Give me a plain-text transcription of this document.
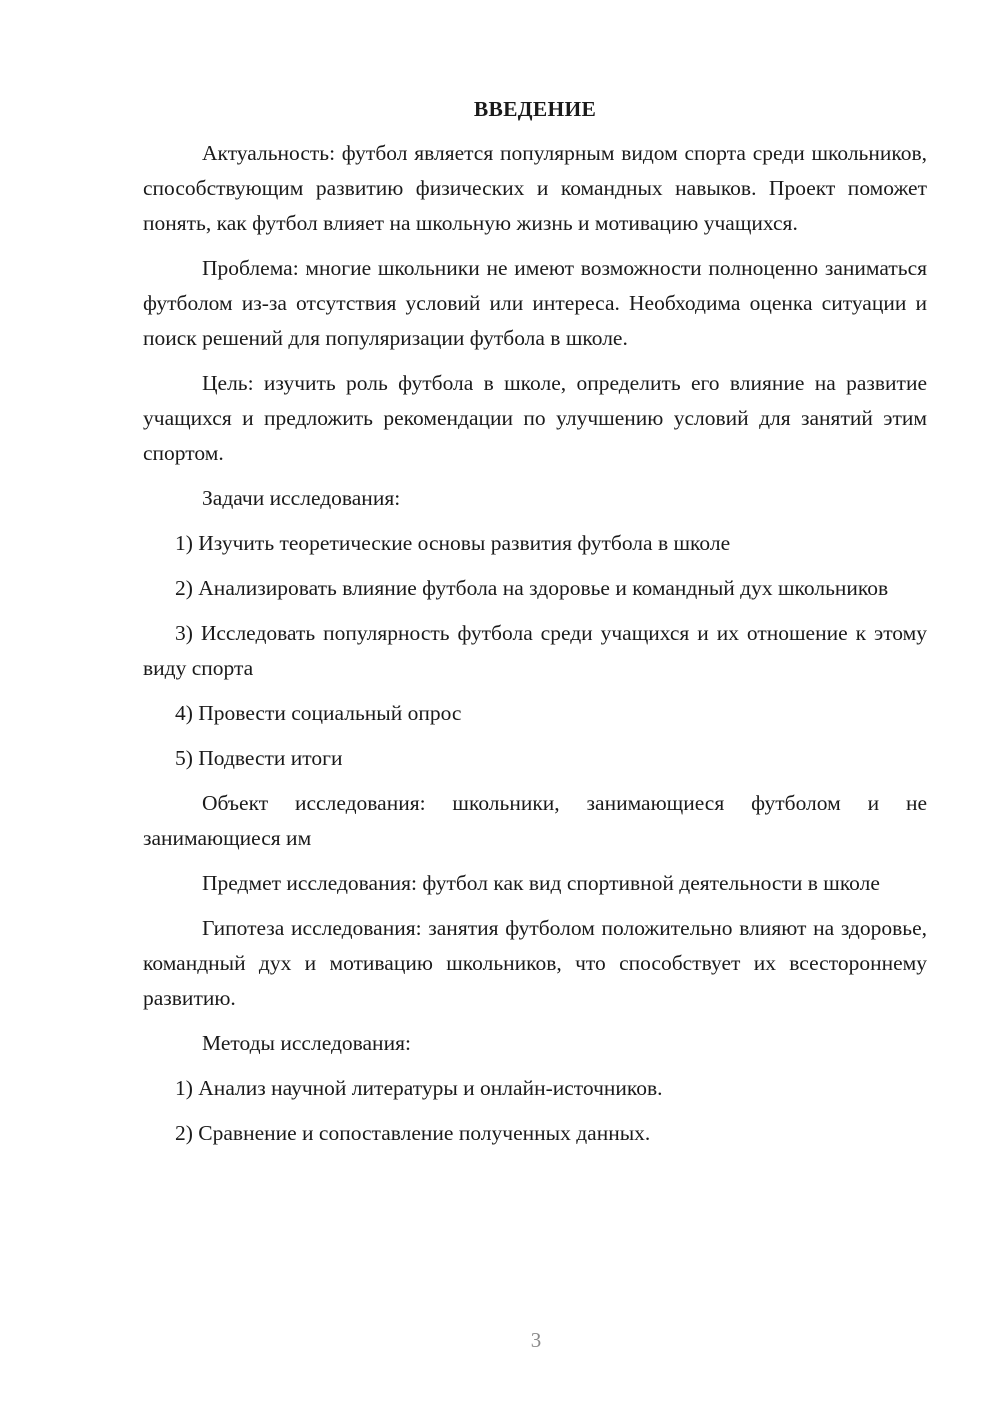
ВВЕДЕНИЕ

Актуальность: футбол является популярным видом спорта среди школьников, способствующим развитию физических и командных навыков. Проект поможет понять, как футбол влияет на школьную жизнь и мотивацию учащихся.

Проблема: многие школьники не имеют возможности полноценно заниматься футболом из-за отсутствия условий или интереса. Необходима оценка ситуации и поиск решений для популяризации футбола в школе.

Цель: изучить роль футбола в школе, определить его влияние на развитие учащихся и предложить рекомендации по улучшению условий для занятий этим спортом.

Задачи исследования:

1) Изучить теоретические основы развития футбола в школе

2) Анализировать влияние футбола на здоровье и командный дух школьников

3) Исследовать популярность футбола среди учащихся и их отношение к этому виду спорта

4) Провести социальный опрос

5) Подвести итоги

Объект исследования: школьники, занимающиеся футболом и не занимающиеся им

Предмет исследования: футбол как вид спортивной деятельности в школе

Гипотеза исследования: занятия футболом положительно влияют на здоровье, командный дух и мотивацию школьников, что способствует их всестороннему развитию.

Методы исследования:

1) Анализ научной литературы и онлайн-источников.

2) Сравнение и сопоставление полученных данных.

3
